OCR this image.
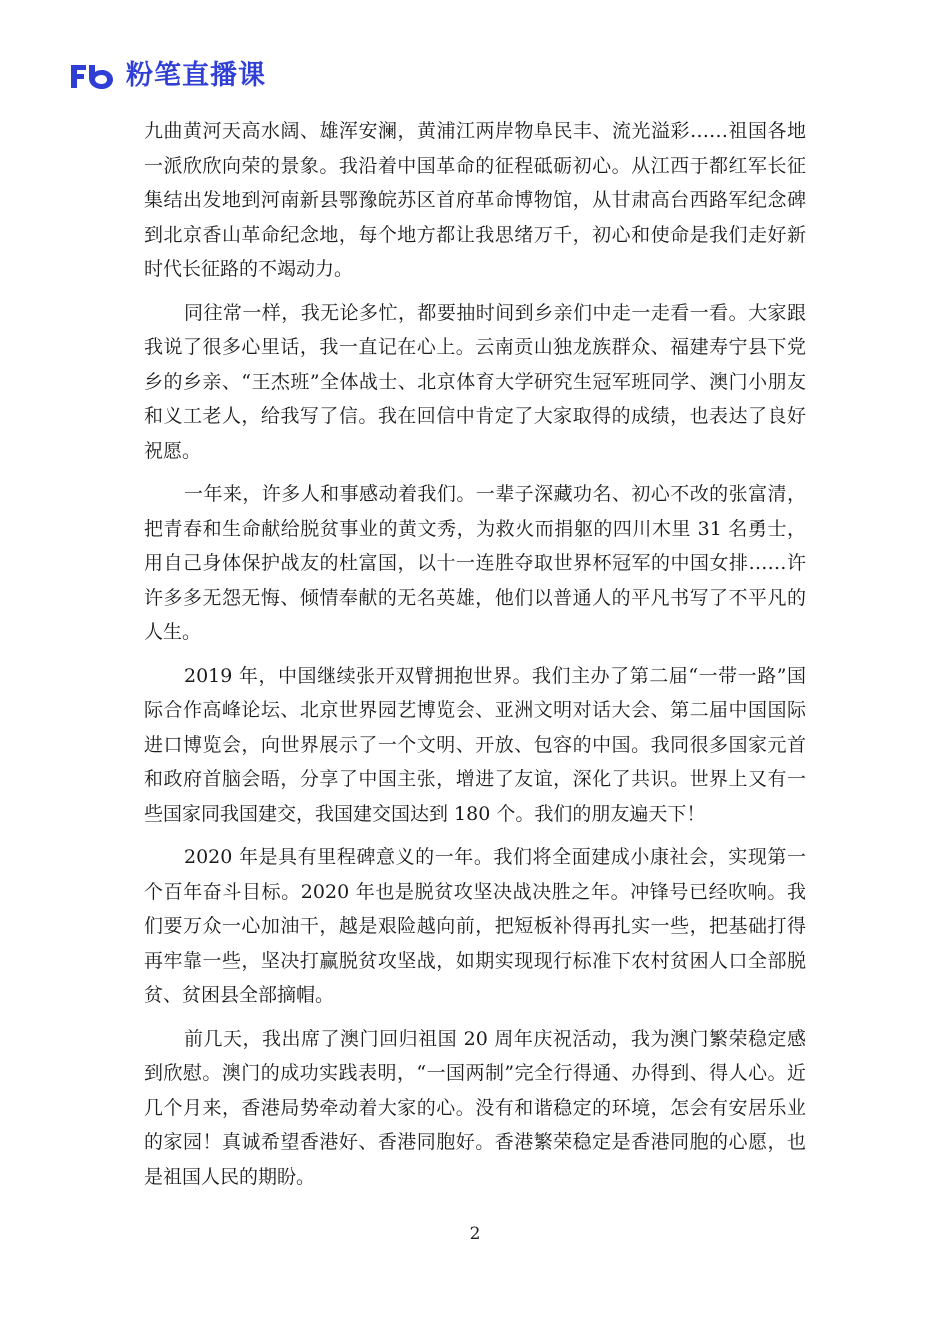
粉笔直播课

九曲黄河天高水阔、雄浑安澜，黄浦江两岸物阜民丰、流光溢彩……祖国各地一派欣欣向荣的景象。我沿着中国革命的征程砥砺初心。从江西于都红军长征集结出发地到河南新县鄂豫皖苏区首府革命博物馆，从甘肃高台西路军纪念碑到北京香山革命纪念地，每个地方都让我思绪万千，初心和使命是我们走好新时代长征路的不竭动力。

同往常一样，我无论多忙，都要抽时间到乡亲们中走一走看一看。大家跟我说了很多心里话，我一直记在心上。云南贡山独龙族群众、福建寿宁县下党乡的乡亲、“王杰班”全体战士、北京体育大学研究生冠军班同学、澳门小朋友和义工老人，给我写了信。我在回信中肯定了大家取得的成绩，也表达了良好祝愿。

一年来，许多人和事感动着我们。一辈子深藏功名、初心不改的张富清，把青春和生命献给脱贫事业的黄文秀，为救火而捐躯的四川木里 31 名勇士，用自己身体保护战友的杜富国，以十一连胜夺取世界杯冠军的中国女排……许许多多无怨无悔、倾情奉献的无名英雄，他们以普通人的平凡书写了不平凡的人生。

2019 年，中国继续张开双臂拥抱世界。我们主办了第二届“一带一路”国际合作高峰论坛、北京世界园艺博览会、亚洲文明对话大会、第二届中国国际进口博览会，向世界展示了一个文明、开放、包容的中国。我同很多国家元首和政府首脑会晤，分享了中国主张，增进了友谊，深化了共识。世界上又有一些国家同我国建交，我国建交国达到 180 个。我们的朋友遍天下！

2020 年是具有里程碑意义的一年。我们将全面建成小康社会，实现第一个百年奋斗目标。2020 年也是脱贫攻坚决战决胜之年。冲锋号已经吹响。我们要万众一心加油干，越是艰险越向前，把短板补得再扎实一些，把基础打得再牢靠一些，坚决打赢脱贫攻坚战，如期实现现行标准下农村贫困人口全部脱贫、贫困县全部摘帽。

前几天，我出席了澳门回归祖国 20 周年庆祝活动，我为澳门繁荣稳定感到欣慰。澳门的成功实践表明，“一国两制”完全行得通、办得到、得人心。近几个月来，香港局势牵动着大家的心。没有和谐稳定的环境，怎会有安居乐业的家园！真诚希望香港好、香港同胞好。香港繁荣稳定是香港同胞的心愿，也是祖国人民的期盼。

2
